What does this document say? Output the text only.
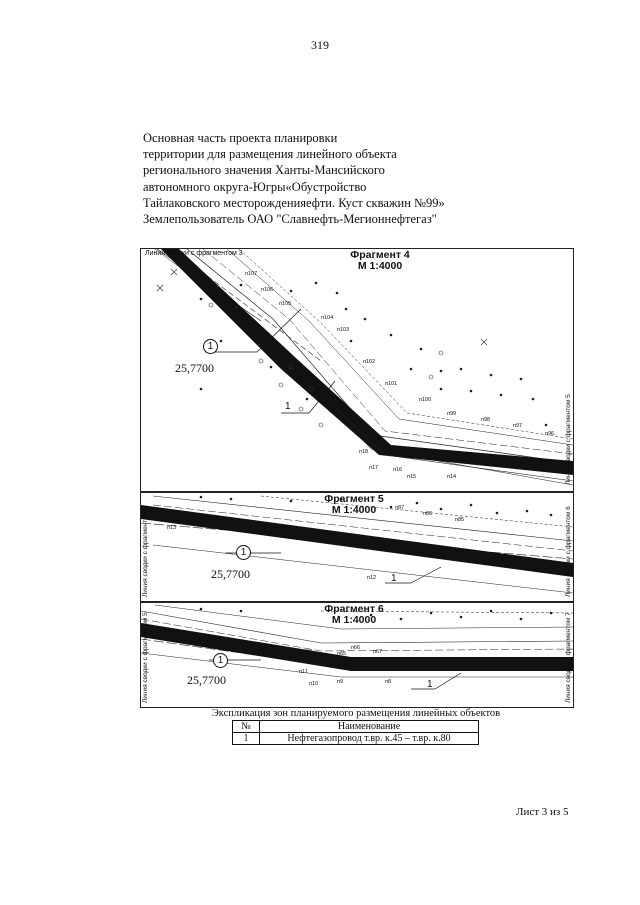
319
Основная часть проекта планировки
территории для размещения линейного объекта
регионального значения Ханты-Мансийского
автономного округа-Югры«Обустройство
Тайлаковского месторожденияефти. Куст скважин №99»
Землепользователь ОАО "Славнефть-Мегионнефтегаз"
Линия сводки с фрагментом 3	Фрагмент 4
М 1:4000
Линия сводки с фрагментом 5
1
25,7700
1
п107
п106
п105
п104
п103
п102
п101
п100
п99
п98
п97
п96
п18
п17	п16
п15	п14
Фрагмент 5
М 1:4000
Линия сводки с фрагментом 4	Линия сводки с фрагментом 6
1
25,7700	1
п13
п12
п87
п86
п85
Фрагмент 6
М 1:4000
Линия сводки с фрагментом 5	Линия сводки с фрагментом 7
1
25,7700	1
п11
п10	п9	п8
п64	п65
п66
п67
Экспликация зон планируемого размещения линейных объектов
№	Наименование
1	Нефтегазопровод т.вр. к.45 – т.вр. к.80
Лист 3 из 5
